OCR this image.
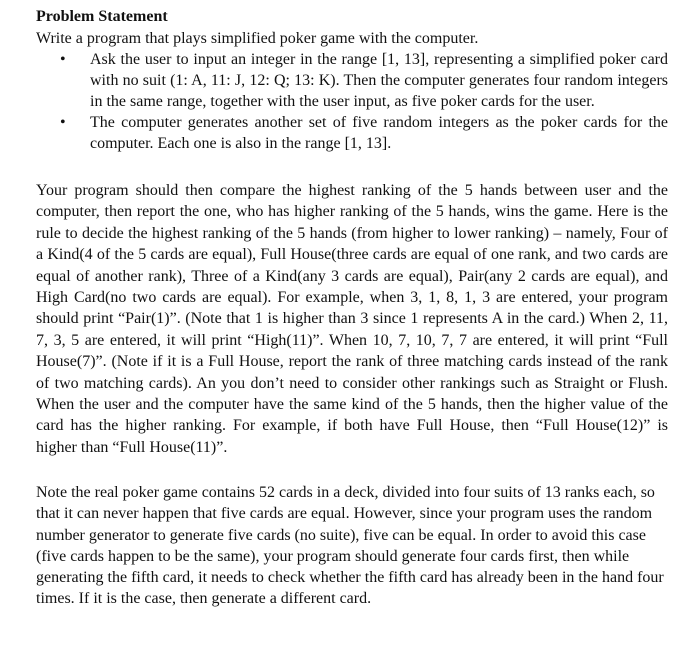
Problem Statement

Write a program that plays simplified poker game with the computer.

• Ask the user to input an integer in the range [1, 13], representing a simplified poker card with no suit (1: A, 11: J, 12: Q; 13: K). Then the computer generates four random integers in the same range, together with the user input, as five poker cards for the user.
• The computer generates another set of five random integers as the poker cards for the computer. Each one is also in the range [1, 13].

Your program should then compare the highest ranking of the 5 hands between user and the computer, then report the one, who has higher ranking of the 5 hands, wins the game. Here is the rule to decide the highest ranking of the 5 hands (from higher to lower ranking) – namely, Four of a Kind(4 of the 5 cards are equal), Full House(three cards are equal of one rank, and two cards are equal of another rank), Three of a Kind(any 3 cards are equal), Pair(any 2 cards are equal), and High Card(no two cards are equal). For example, when 3, 1, 8, 1, 3 are entered, your program should print “Pair(1)”. (Note that 1 is higher than 3 since 1 represents A in the card.) When 2, 11, 7, 3, 5 are entered, it will print “High(11)”. When 10, 7, 10, 7, 7 are entered, it will print “Full House(7)”. (Note if it is a Full House, report the rank of three matching cards instead of the rank of two matching cards). An you don’t need to consider other rankings such as Straight or Flush. When the user and the computer have the same kind of the 5 hands, then the higher value of the card has the higher ranking. For example, if both have Full House, then “Full House(12)” is higher than “Full House(11)”.

Note the real poker game contains 52 cards in a deck, divided into four suits of 13 ranks each, so that it can never happen that five cards are equal. However, since your program uses the random number generator to generate five cards (no suite), five can be equal. In order to avoid this case (five cards happen to be the same), your program should generate four cards first, then while generating the fifth card, it needs to check whether the fifth card has already been in the hand four times. If it is the case, then generate a different card.
